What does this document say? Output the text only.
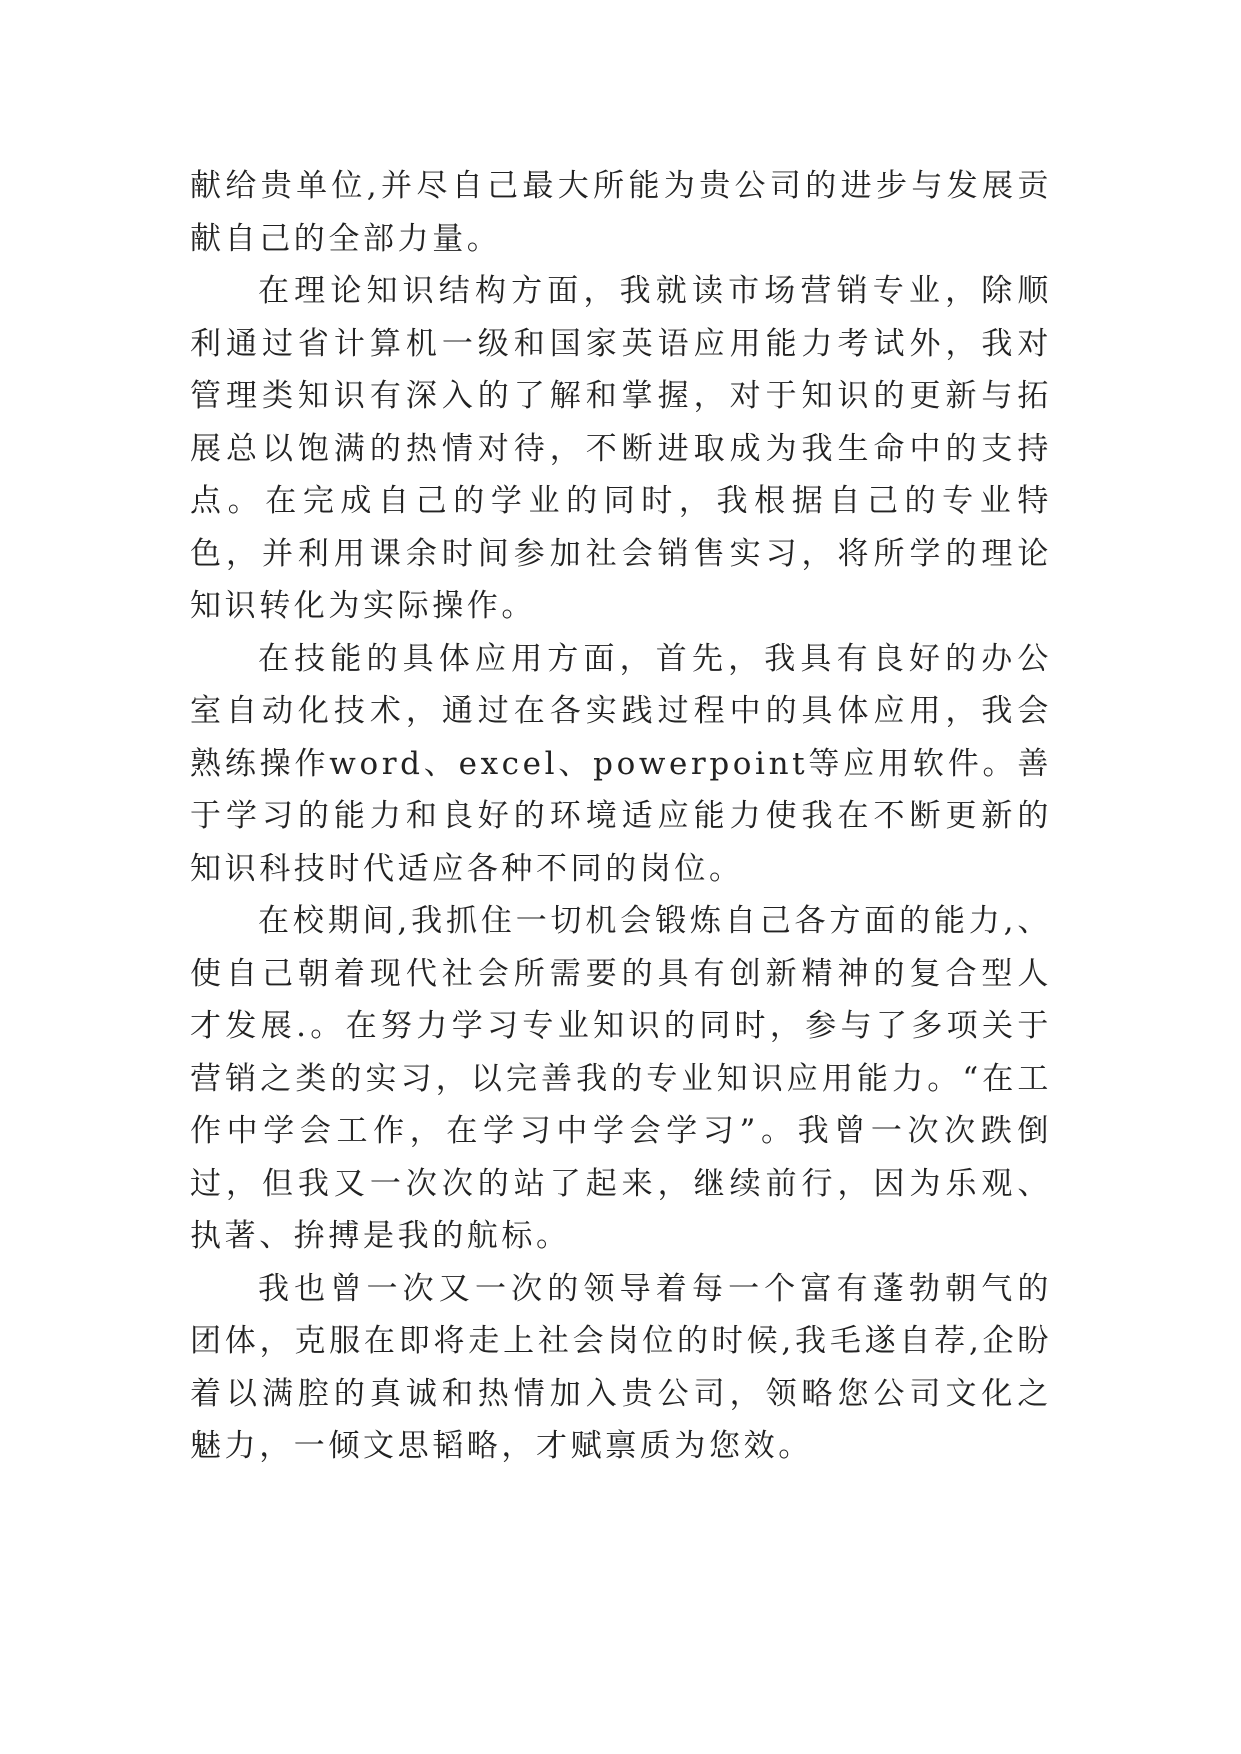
献给贵单位,并尽自己最大所能为贵公司的进步与发展贡献自己的全部力量。

在理论知识结构方面，我就读市场营销专业，除顺利通过省计算机一级和国家英语应用能力考试外，我对管理类知识有深入的了解和掌握，对于知识的更新与拓展总以饱满的热情对待，不断进取成为我生命中的支持点。在完成自己的学业的同时，我根据自己的专业特色，并利用课余时间参加社会销售实习，将所学的理论知识转化为实际操作。

在技能的具体应用方面，首先，我具有良好的办公室自动化技术，通过在各实践过程中的具体应用，我会熟练操作word、excel、powerpoint等应用软件。善于学习的能力和良好的环境适应能力使我在不断更新的知识科技时代适应各种不同的岗位。

在校期间,我抓住一切机会锻炼自己各方面的能力,、使自己朝着现代社会所需要的具有创新精神的复合型人才发展.。在努力学习专业知识的同时，参与了多项关于营销之类的实习，以完善我的专业知识应用能力。“在工作中学会工作，在学习中学会学习”。我曾一次次跌倒过，但我又一次次的站了起来，继续前行，因为乐观、执著、拚搏是我的航标。

我也曾一次又一次的领导着每一个富有蓬勃朝气的团体，克服在即将走上社会岗位的时候,我毛遂自荐,企盼着以满腔的真诚和热情加入贵公司，领略您公司文化之魅力，一倾文思韬略，才赋禀质为您效。
